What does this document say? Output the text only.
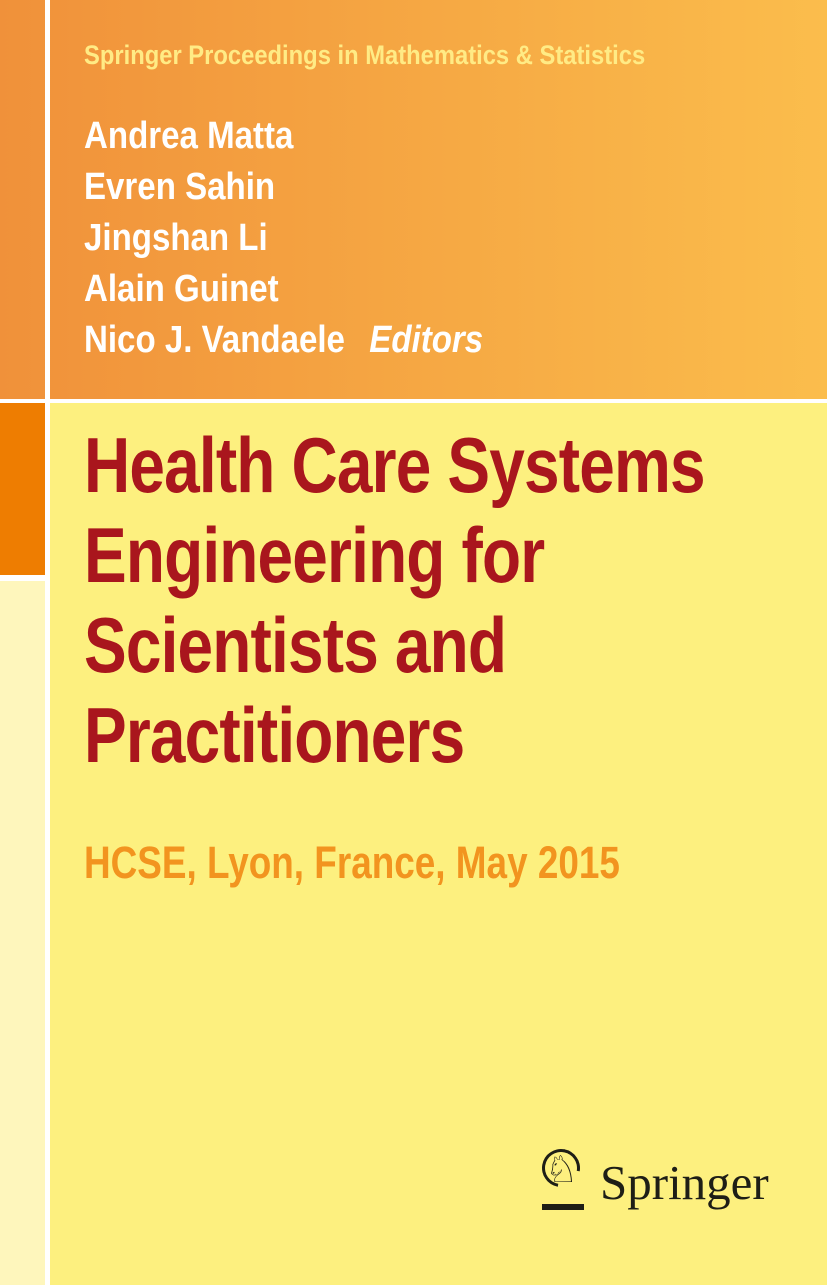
Springer Proceedings in Mathematics & Statistics
Andrea Matta
Evren Sahin
Jingshan Li
Alain Guinet
Nico J. Vandaele Editors
Health Care Systems
Engineering for
Scientists and
Practitioners
HCSE, Lyon, France, May 2015
♘ Springer
